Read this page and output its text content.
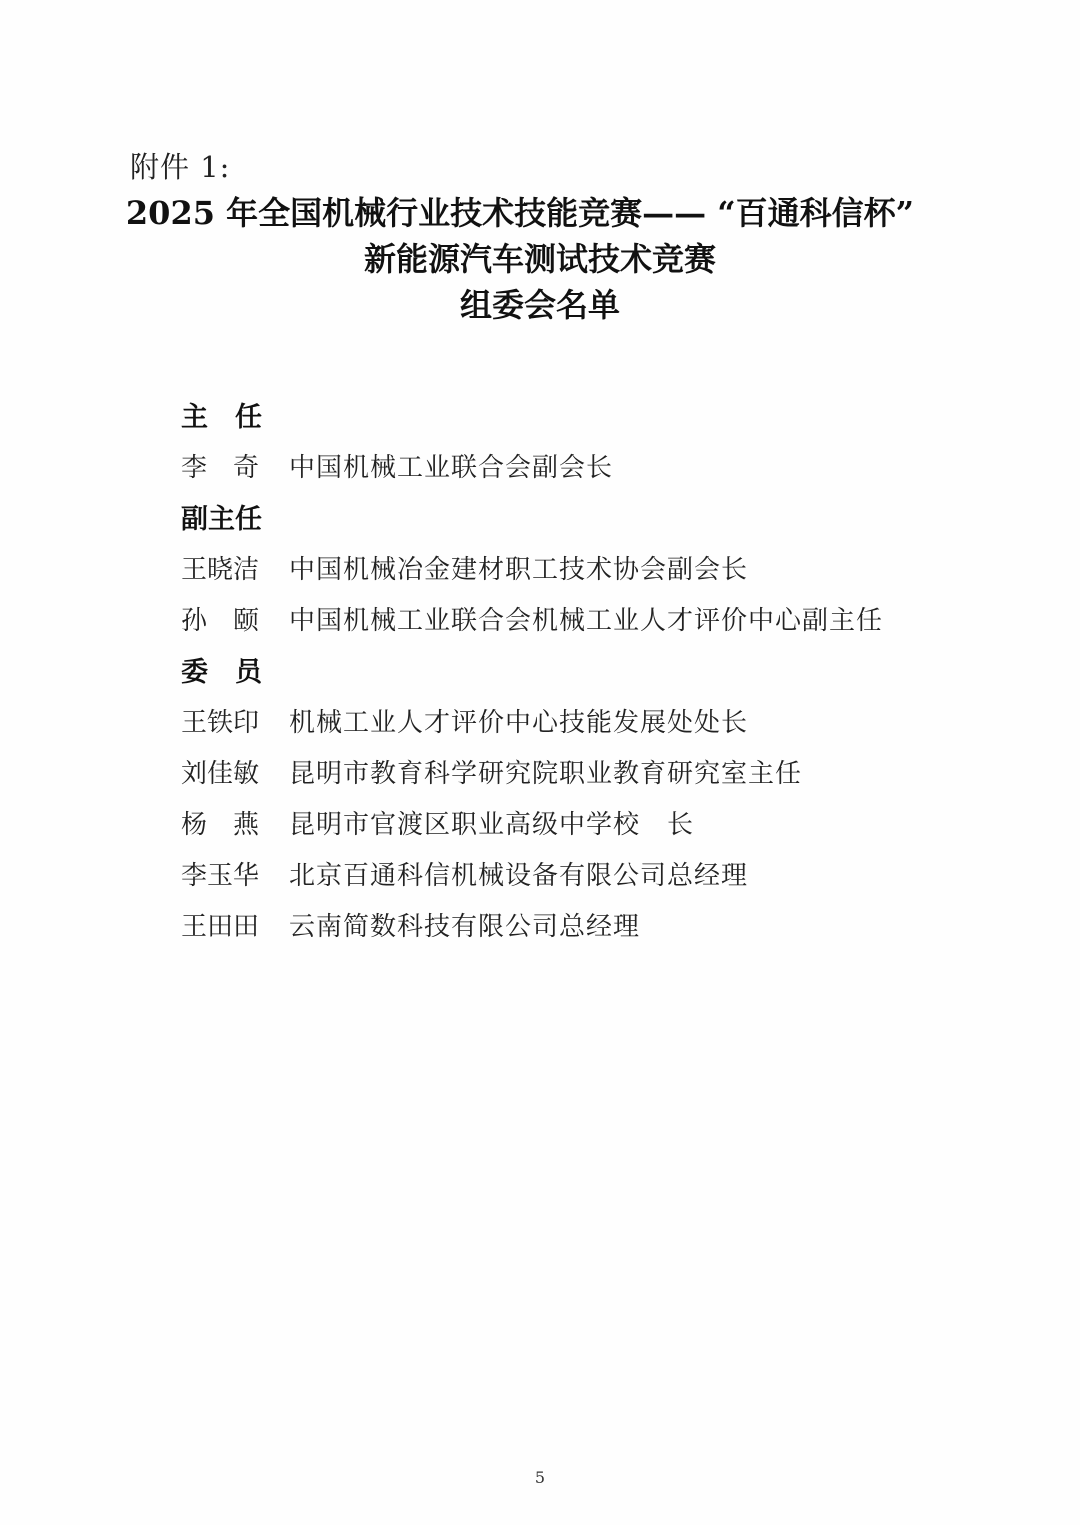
附件 1:
2025 年全国机械行业技术技能竞赛—— “百通科信杯”
新能源汽车测试技术竞赛
组委会名单
主　任
李　奇	中国机械工业联合会副会长
副主任
王晓洁	中国机械冶金建材职工技术协会副会长
孙　颐	中国机械工业联合会机械工业人才评价中心副主任
委　员
王铁印	机械工业人才评价中心技能发展处处长
刘佳敏	昆明市教育科学研究院职业教育研究室主任
杨　燕	昆明市官渡区职业高级中学校　长
李玉华	北京百通科信机械设备有限公司总经理
王田田	云南简数科技有限公司总经理
5
